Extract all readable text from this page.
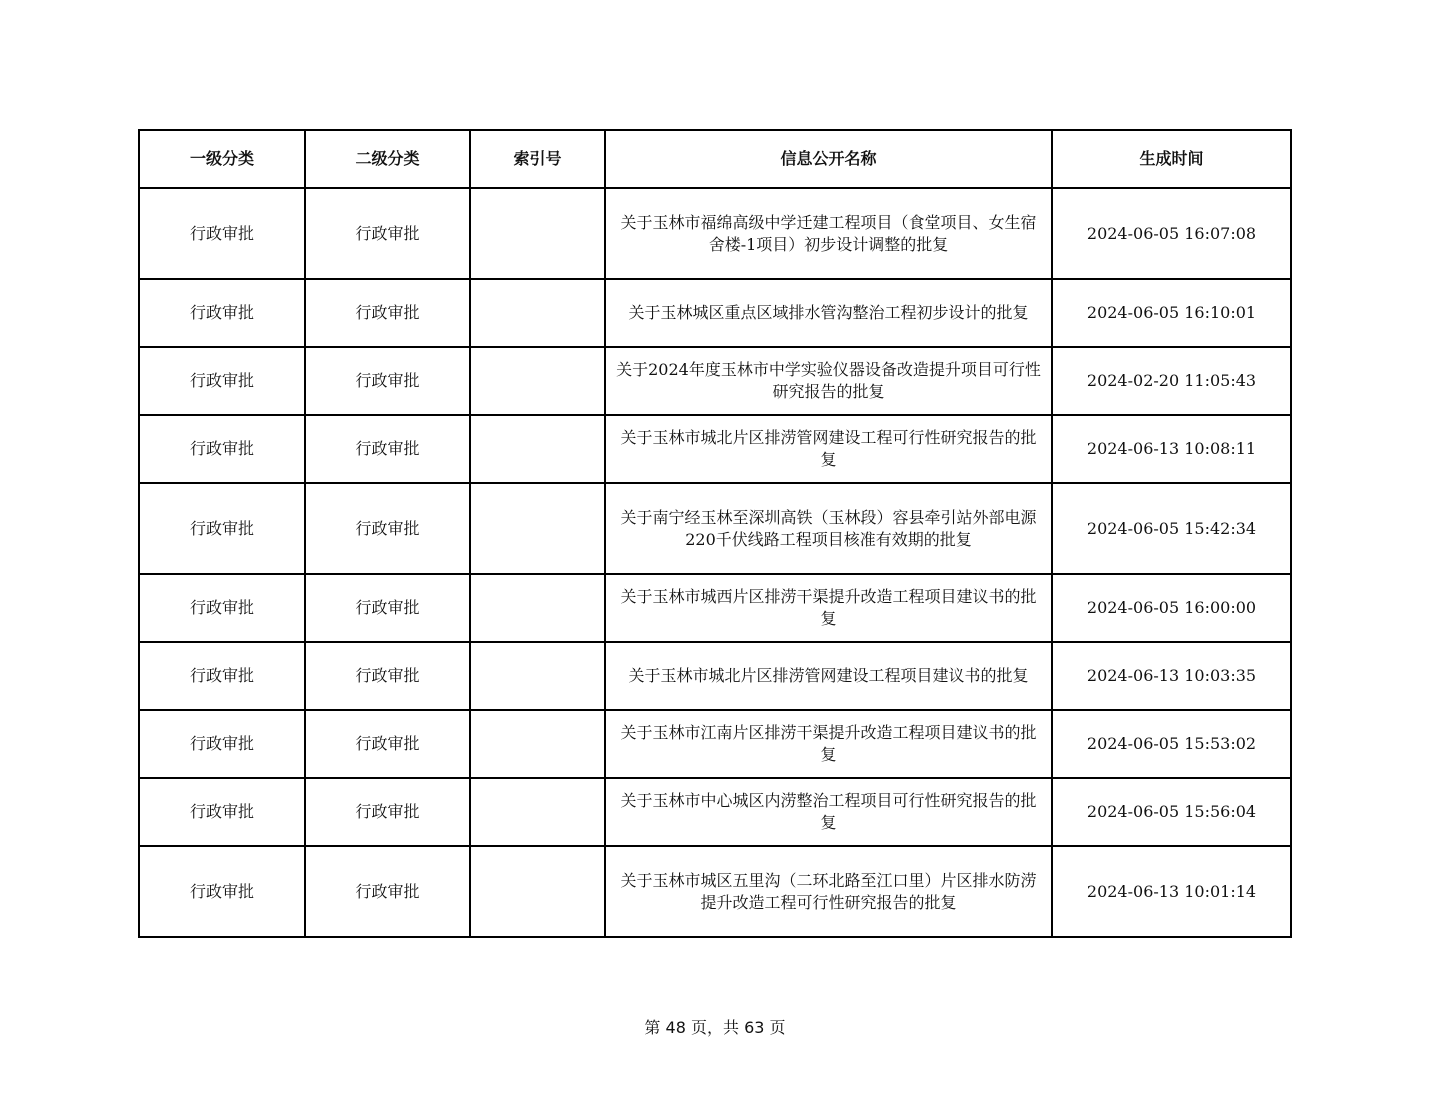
一级分类	二级分类	索引号	信息公开名称	生成时间
行政审批	行政审批		关于玉林市福绵高级中学迁建工程项目（食堂项目、女生宿舍楼-1项目）初步设计调整的批复	2024-06-05 16:07:08
行政审批	行政审批		关于玉林城区重点区域排水管沟整治工程初步设计的批复	2024-06-05 16:10:01
行政审批	行政审批		关于2024年度玉林市中学实验仪器设备改造提升项目可行性研究报告的批复	2024-02-20 11:05:43
行政审批	行政审批		关于玉林市城北片区排涝管网建设工程可行性研究报告的批复	2024-06-13 10:08:11
行政审批	行政审批		关于南宁经玉林至深圳高铁（玉林段）容县牵引站外部电源220千伏线路工程项目核准有效期的批复	2024-06-05 15:42:34
行政审批	行政审批		关于玉林市城西片区排涝干渠提升改造工程项目建议书的批复	2024-06-05 16:00:00
行政审批	行政审批		关于玉林市城北片区排涝管网建设工程项目建议书的批复	2024-06-13 10:03:35
行政审批	行政审批		关于玉林市江南片区排涝干渠提升改造工程项目建议书的批复	2024-06-05 15:53:02
行政审批	行政审批		关于玉林市中心城区内涝整治工程项目可行性研究报告的批复	2024-06-05 15:56:04
行政审批	行政审批		关于玉林市城区五里沟（二环北路至江口里）片区排水防涝提升改造工程可行性研究报告的批复	2024-06-13 10:01:14
第 48 页，共 63 页
